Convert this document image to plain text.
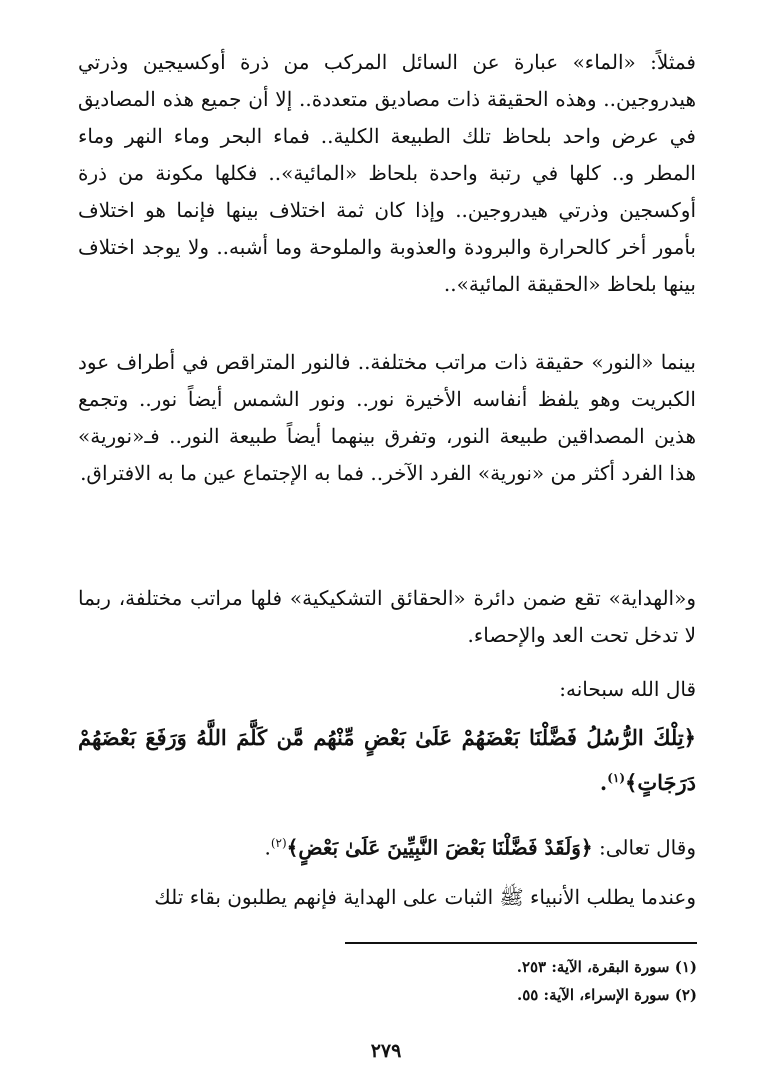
فمثلاً: «الماء» عبارة عن السائل المركب من ذرة أوكسيجين وذرتي هيدروجين.. وهذه الحقيقة ذات مصاديق متعددة.. إلا أن جميع هذه المصاديق في عرض واحد بلحاظ تلك الطبيعة الكلية.. فماء البحر وماء النهر وماء المطر و.. كلها في رتبة واحدة بلحاظ «المائية».. فكلها مكونة من ذرة أوكسجين وذرتي هيدروجين.. وإذا كان ثمة اختلاف بينها فإنما هو اختلاف بأمور أخر كالحرارة والبرودة والعذوبة والملوحة وما أشبه.. ولا يوجد اختلاف بينها بلحاظ «الحقيقة المائية»..
بينما «النور» حقيقة ذات مراتب مختلفة.. فالنور المتراقص في أطراف عود الكبريت وهو يلفظ أنفاسه الأخيرة نور.. ونور الشمس أيضاً نور.. وتجمع هذين المصداقين طبيعة النور، وتفرق بينهما أيضاً طبيعة النور.. فـ«نورية» هذا الفرد أكثر من «نورية» الفرد الآخر.. فما به الإجتماع عين ما به الافتراق.
و«الهداية» تقع ضمن دائرة «الحقائق التشكيكية» فلها مراتب مختلفة، ربما لا تدخل تحت العد والإحصاء.
قال الله سبحانه:
﴿تِلْكَ الرُّسُلُ فَضَّلْنَا بَعْضَهُمْ عَلَىٰ بَعْضٍ مِّنْهُم مَّن كَلَّمَ اللَّهُ وَرَفَعَ بَعْضَهُمْ دَرَجَاتٍ﴾$^{(١)}$.
وقال تعالى: ﴿وَلَقَدْ فَضَّلْنَا بَعْضَ النَّبِيِّينَ عَلَىٰ بَعْضٍ﴾$^{(٢)}$.
وعندما يطلب الأنبياء ﷺ الثبات على الهداية فإنهم يطلبون بقاء تلك
(١) سورة البقرة، الآية: ٢٥٣.
(٢) سورة الإسراء، الآية: ٥٥.
٢٧٩
